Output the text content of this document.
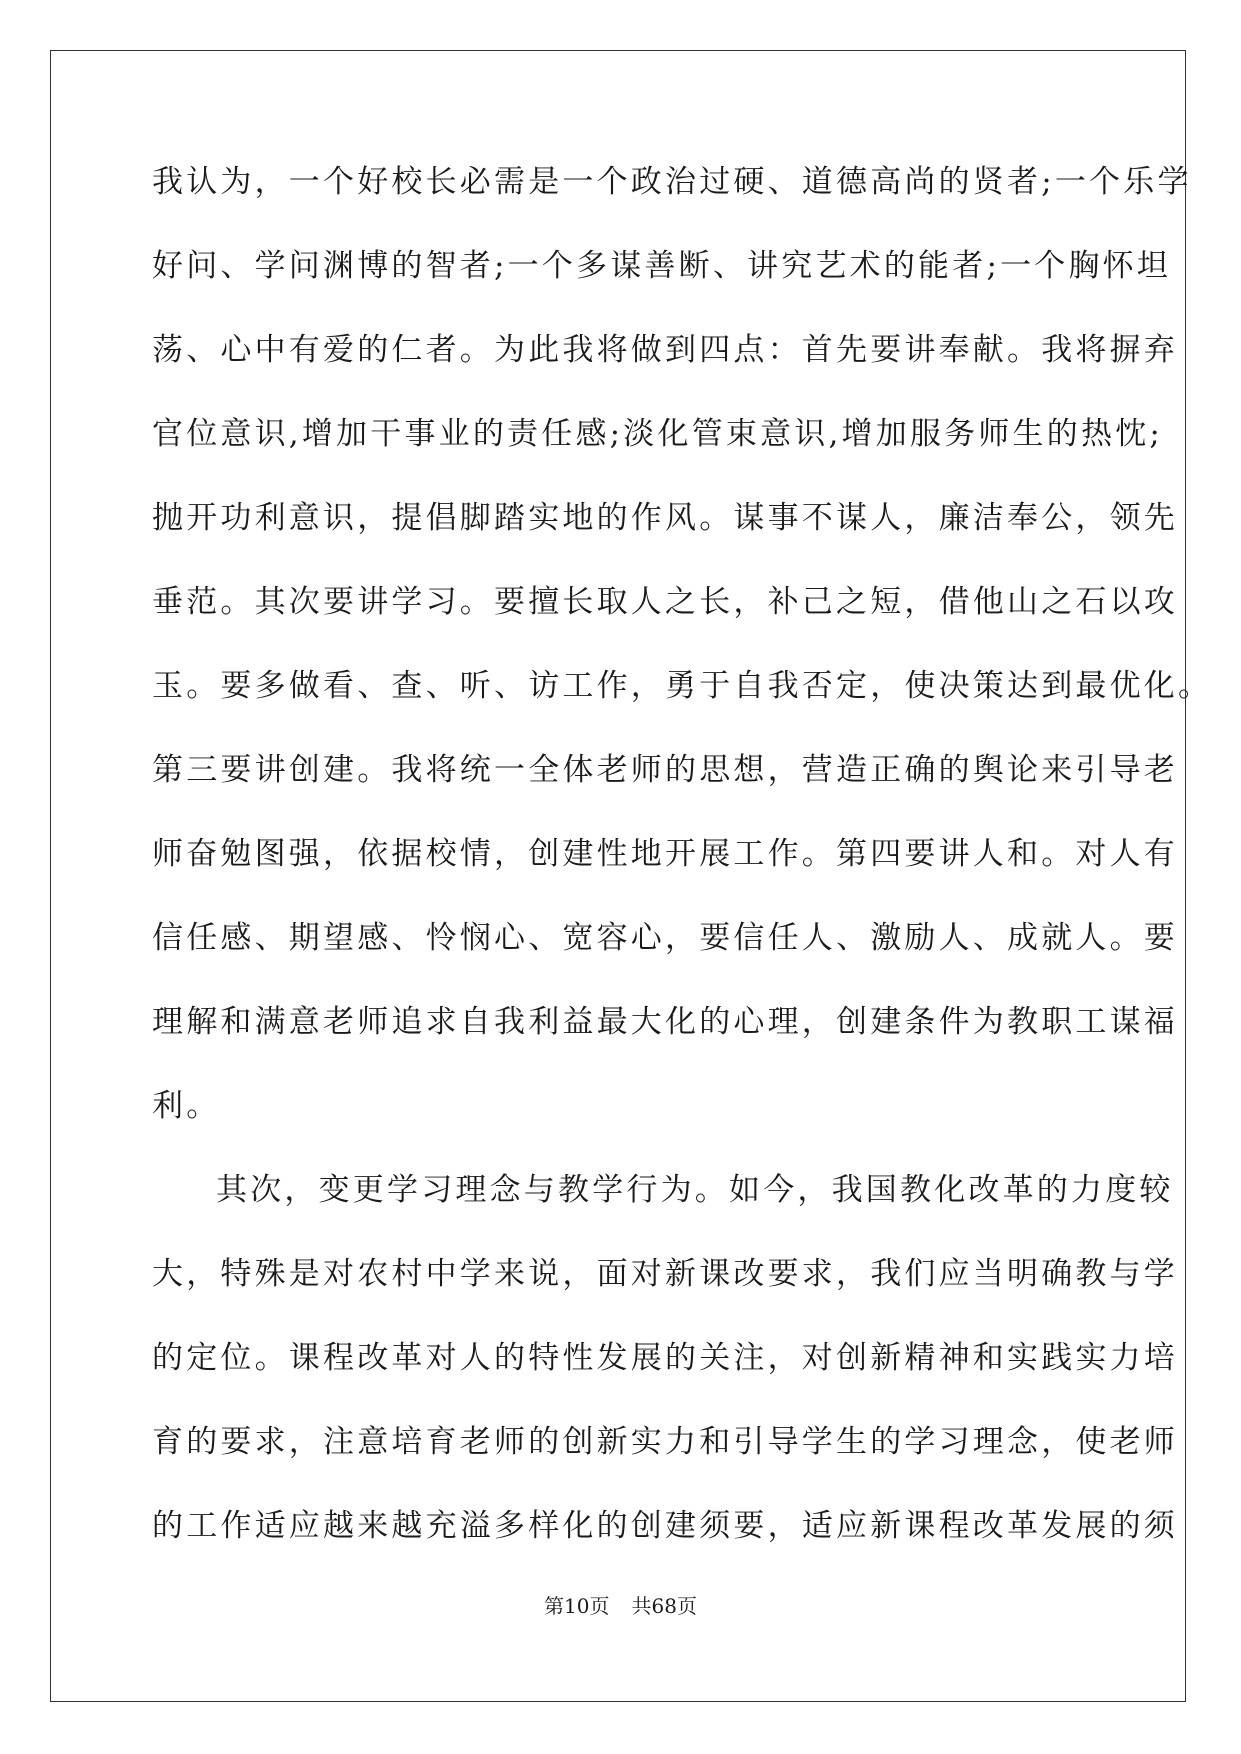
我认为，一个好校长必需是一个政治过硬、道德高尚的贤者;一个乐学
好问、学问渊博的智者;一个多谋善断、讲究艺术的能者;一个胸怀坦
荡、心中有爱的仁者。为此我将做到四点：首先要讲奉献。我将摒弃
官位意识,增加干事业的责任感;淡化管束意识,增加服务师生的热忱;
抛开功利意识，提倡脚踏实地的作风。谋事不谋人，廉洁奉公，领先
垂范。其次要讲学习。要擅长取人之长，补己之短，借他山之石以攻
玉。要多做看、查、听、访工作，勇于自我否定，使决策达到最优化。
第三要讲创建。我将统一全体老师的思想，营造正确的舆论来引导老
师奋勉图强，依据校情，创建性地开展工作。第四要讲人和。对人有
信任感、期望感、怜悯心、宽容心，要信任人、激励人、成就人。要
理解和满意老师追求自我利益最大化的心理，创建条件为教职工谋福
利。
其次，变更学习理念与教学行为。如今，我国教化改革的力度较
大，特殊是对农村中学来说，面对新课改要求，我们应当明确教与学
的定位。课程改革对人的特性发展的关注，对创新精神和实践实力培
育的要求，注意培育老师的创新实力和引导学生的学习理念，使老师
的工作适应越来越充溢多样化的创建须要，适应新课程改革发展的须
第10页 共68页
